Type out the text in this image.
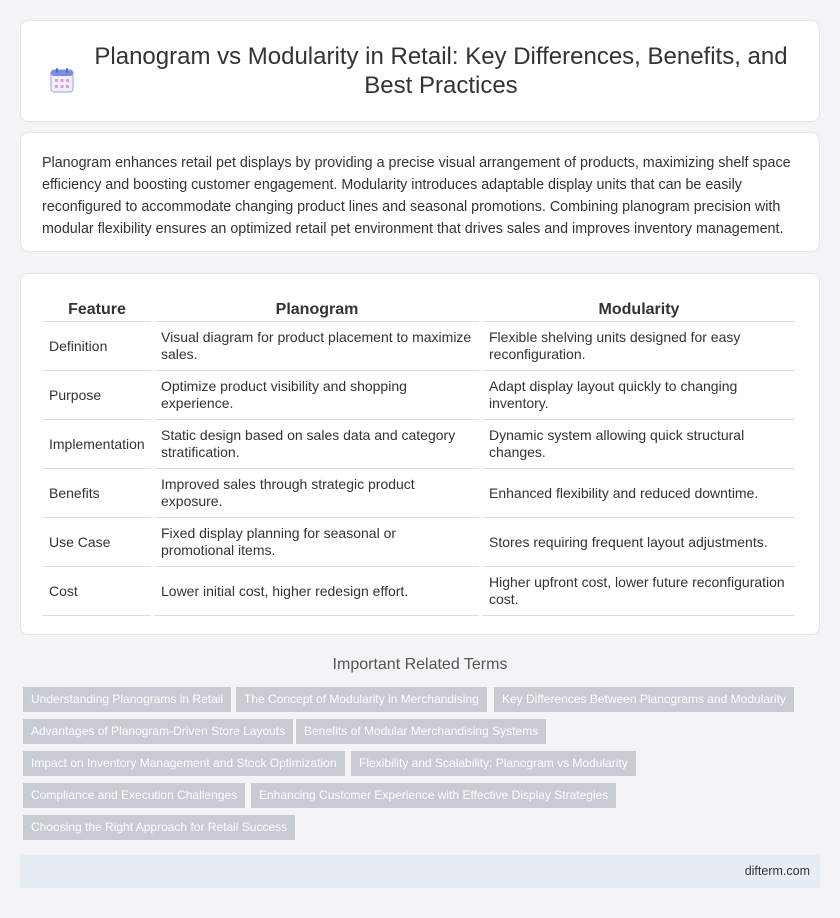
Planogram vs Modularity in Retail: Key Differences, Benefits, and Best Practices

Planogram enhances retail pet displays by providing a precise visual arrangement of products, maximizing shelf space efficiency and boosting customer engagement. Modularity introduces adaptable display units that can be easily reconfigured to accommodate changing product lines and seasonal promotions. Combining planogram precision with modular flexibility ensures an optimized retail pet environment that drives sales and improves inventory management.

Feature	Planogram	Modularity
Definition	Visual diagram for product placement to maximize sales.	Flexible shelving units designed for easy reconfiguration.
Purpose	Optimize product visibility and shopping experience.	Adapt display layout quickly to changing inventory.
Implementation	Static design based on sales data and category stratification.	Dynamic system allowing quick structural changes.
Benefits	Improved sales through strategic product exposure.	Enhanced flexibility and reduced downtime.
Use Case	Fixed display planning for seasonal or promotional items.	Stores requiring frequent layout adjustments.
Cost	Lower initial cost, higher redesign effort.	Higher upfront cost, lower future reconfiguration cost.
Important Related Terms
Understanding Planograms in Retail	The Concept of Modularity in Merchandising	Key Differences Between Planograms and Modularity
Advantages of Planogram-Driven Store Layouts	Benefits of Modular Merchandising Systems
Impact on Inventory Management and Stock Optimization	Flexibility and Scalability: Planogram vs Modularity
Compliance and Execution Challenges	Enhancing Customer Experience with Effective Display Strategies
Choosing the Right Approach for Retail Success
difterm.com
